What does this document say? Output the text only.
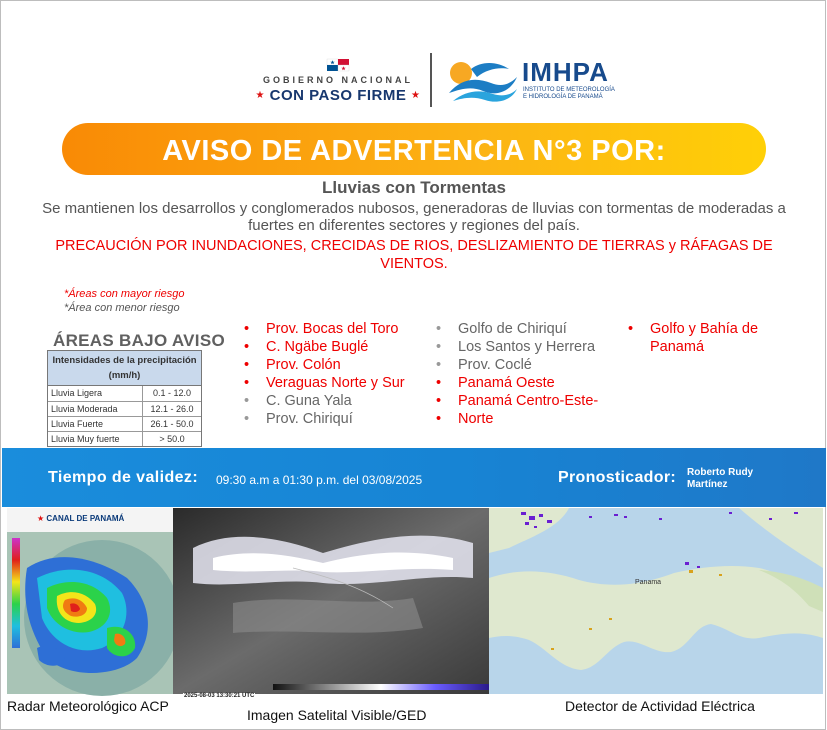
GOBIERNO NACIONAL
★ CON PASO FIRME ★
IMHPA
INSTITUTO DE METEOROLOGÍA
E HIDROLOGÍA DE PANAMÁ
AVISO DE ADVERTENCIA N°3 POR:
Lluvias con Tormentas
Se mantienen los desarrollos y conglomerados nubosos, generadoras de lluvias con tormentas de moderadas a fuertes en diferentes sectores y regiones del país.
PRECAUCIÓN POR INUNDACIONES, CRECIDAS DE RIOS, DESLIZAMIENTO DE TIERRAS y RÁFAGAS DE VIENTOS.
*Áreas con mayor riesgo
*Área con menor riesgo
ÁREAS BAJO AVISO
Intensidades de la precipitación
(mm/h)
Lluvia Ligera	0.1 - 12.0
Lluvia Moderada	12.1 - 26.0
Lluvia Fuerte	26.1 - 50.0
Lluvia Muy fuerte	> 50.0
• Prov. Bocas del Toro
• C. Ngäbe Buglé
• Prov. Colón
• Veraguas Norte y Sur
• C. Guna Yala
• Prov. Chiriquí
• Golfo de Chiriquí
• Los Santos y Herrera
• Prov. Coclé
• Panamá Oeste
• Panamá Centro-Este-
• Norte
• Golfo y Bahía de
Panamá
Tiempo de validez: 09:30 a.m a 01:30 p.m. del 03/08/2025	Pronosticador: Roberto Rudy
Martínez
★ CANAL DE PANAMÁ
2025-08-03 13:30:21 UTC
Panama
Radar Meteorológico ACP
Imagen Satelital Visible/GED
Detector de Actividad Eléctrica
